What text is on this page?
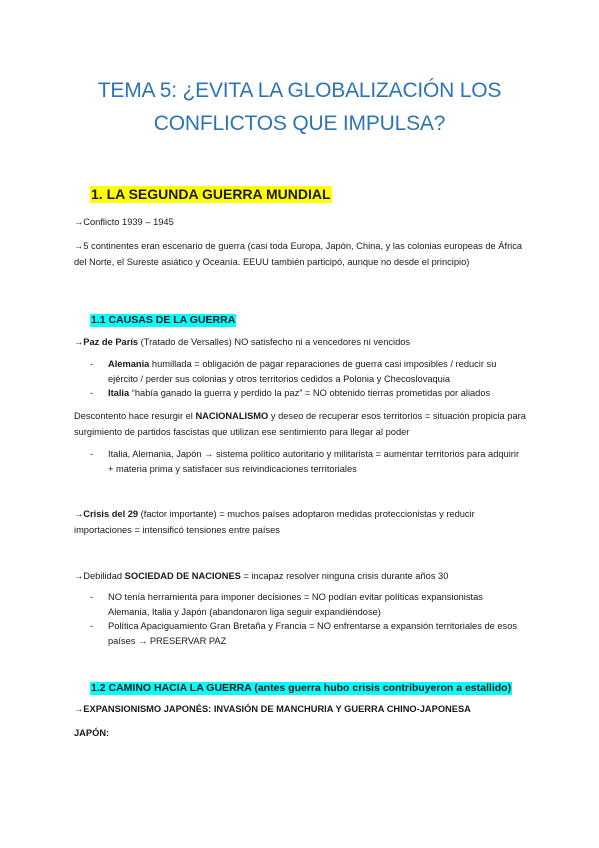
TEMA 5: ¿EVITA LA GLOBALIZACIÓN LOS
CONFLICTOS QUE IMPULSA?
1. LA SEGUNDA GUERRA MUNDIAL
→Conflicto 1939 – 1945
→5 continentes eran escenario de guerra (casi toda Europa, Japón, China, y las colonias europeas de África del Norte, el Sureste asiático y Oceanía. EEUU también participó, aunque no desde el principio)
1.1 CAUSAS DE LA GUERRA
→Paz de París (Tratado de Versalles) NO satisfecho ni a vencedores ni vencidos
- Alemania humillada = obligación de pagar reparaciones de guerra casi imposibles / reducir su ejército / perder sus colonias y otros territorios cedidos a Polonia y Checoslovaquia
- Italia “había ganado la guerra y perdido la paz” = NO obtenido tierras prometidas por aliados
Descontento hace resurgir el NACIONALISMO y deseo de recuperar esos territorios = situación propicia para surgimiento de partidos fascistas que utilizan ese sentimiento para llegar al poder
- Italia, Alemania, Japón → sistema político autoritario y militarista = aumentar territorios para adquirir + materia prima y satisfacer sus reivindicaciones territoriales
→Crisis del 29 (factor importante) = muchos países adoptaron medidas proteccionistas y reducir importaciones = intensificó tensiones entre países
→Debilidad SOCIEDAD DE NACIONES = incapaz resolver ninguna crisis durante años 30
- NO tenía herramienta para imponer decisiones = NO podían evitar políticas expansionistas Alemania, Italia y Japón (abandonaron liga seguir expandiéndose)
- Política Apaciguamiento Gran Bretaña y Francia = NO enfrentarse a expansión territoriales de esos países → PRESERVAR PAZ
1.2 CAMINO HACIA LA GUERRA (antes guerra hubo crisis contribuyeron a estallido)
→EXPANSIONISMO JAPONÉS: INVASIÓN DE MANCHURIA Y GUERRA CHINO-JAPONESA
JAPÓN:
